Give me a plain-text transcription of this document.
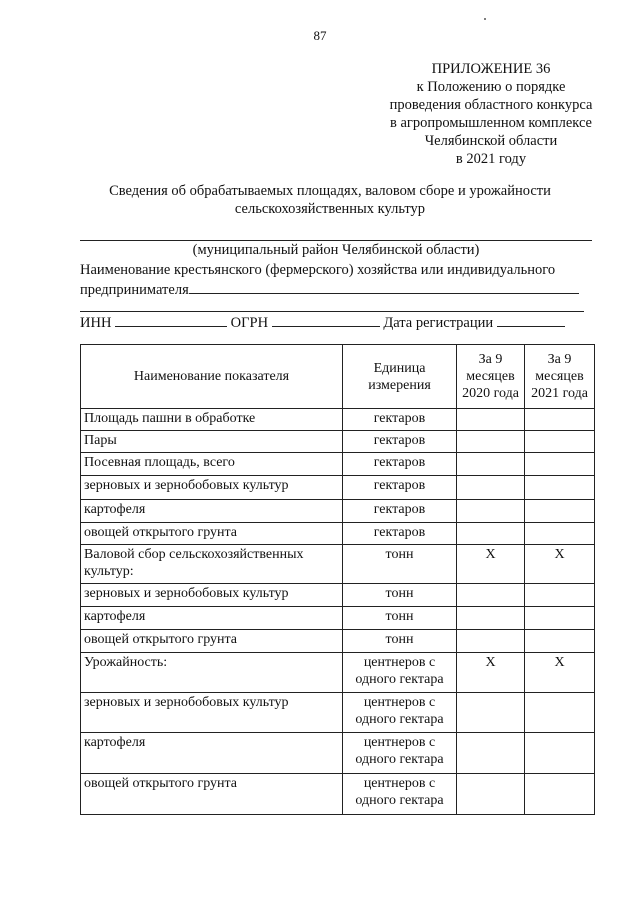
87
ПРИЛОЖЕНИЕ 36
к Положению о порядке
проведения областного конкурса
в агропромышленном комплексе
Челябинской области
в 2021 году
Сведения об обрабатываемых площадях, валовом сборе и урожайности
сельскохозяйственных культур
(муниципальный район Челябинской области)
Наименование крестьянского (фермерского) хозяйства или индивидуального
предпринимателя
ИНН	ОГРН	Дата регистрации
Наименование показателя	Единица измерения	За 9 месяцев 2020 года	За 9 месяцев 2021 года
Площадь пашни в обработке	гектаров		
Пары	гектаров		
Посевная площадь, всего	гектаров		
зерновых и зернобобовых культур	гектаров		
картофеля	гектаров		
овощей открытого грунта	гектаров		
Валовой сбор сельскохозяйственных культур:	тонн	X	X
зерновых и зернобобовых культур	тонн		
картофеля	тонн		
овощей открытого грунта	тонн		
Урожайность:	центнеров с одного гектара	X	X
зерновых и зернобобовых культур	центнеров с одного гектара		
картофеля	центнеров с одного гектара		
овощей открытого грунта	центнеров с одного гектара		
